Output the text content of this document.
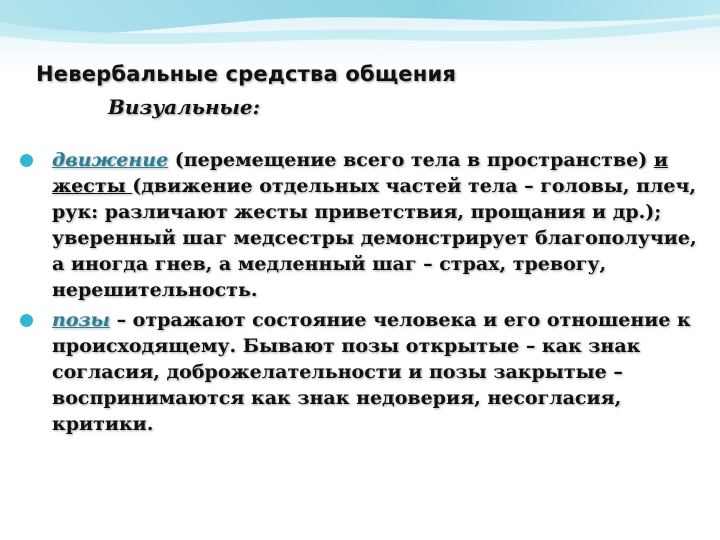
Невербальные средства общения
Визуальные:

движение (перемещение всего тела в пространстве) и жесты (движение отдельных частей тела – головы, плеч, рук: различают жесты приветствия, прощания и др.); уверенный шаг медсестры демонстрирует благополучие, а иногда гнев, а медленный шаг – страх, тревогу, нерешительность.

позы – отражают состояние человека и его отношение к происходящему. Бывают позы открытые – как знак согласия, доброжелательности и позы закрытые – воспринимаются как знак недоверия, несогласия, критики.
